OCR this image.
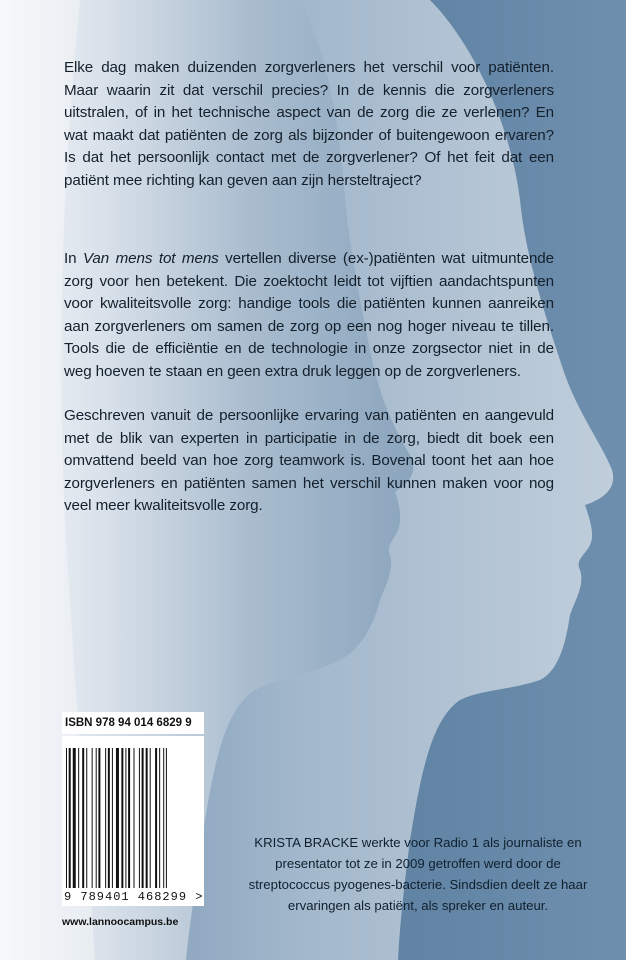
Elke dag maken duizenden zorgverleners het verschil voor patiënten. Maar waarin zit dat verschil precies? In de kennis die zorgverleners uitstralen, of in het technische aspect van de zorg die ze verlenen? En wat maakt dat patiënten de zorg als bijzonder of buitengewoon ervaren? Is dat het persoonlijk contact met de zorgverlener? Of het feit dat een patiënt mee richting kan geven aan zijn hersteltraject?

In Van mens tot mens vertellen diverse (ex-)patiënten wat uitmuntende zorg voor hen betekent. Die zoektocht leidt tot vijftien aandachtspunten voor kwaliteitsvolle zorg: handige tools die patiënten kunnen aanreiken aan zorgverleners om samen de zorg op een nog hoger niveau te tillen. Tools die de efficiëntie en de technologie in onze zorgsector niet in de weg hoeven te staan en geen extra druk leggen op de zorgverleners.

Geschreven vanuit de persoonlijke ervaring van patiënten en aangevuld met de blik van experten in participatie in de zorg, biedt dit boek een omvattend beeld van hoe zorg teamwork is. Bovenal toont het aan hoe zorgverleners en patiënten samen het verschil kunnen maken voor nog veel meer kwaliteitsvolle zorg.

ISBN 978 94 014 6829 9
9 789401 468299 >
www.lannoocampus.be
KRISTA BRACKE werkte voor Radio 1 als journaliste en presentator tot ze in 2009 getroffen werd door de streptococcus pyogenes-bacterie. Sindsdien deelt ze haar ervaringen als patiënt, als spreker en auteur.
